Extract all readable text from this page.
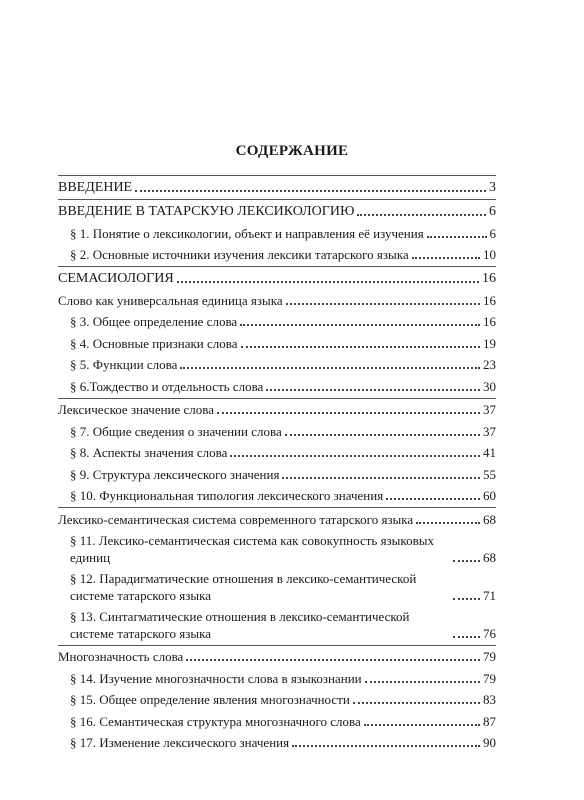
СОДЕРЖАНИЕ
ВВЕДЕНИЕ	3
ВВЕДЕНИЕ В ТАТАРСКУЮ ЛЕКСИКОЛОГИЮ	6
§ 1. Понятие о лексикологии, объект и направления её изучения	6
§ 2. Основные источники изучения лексики татарского языка	10
СЕМАСИОЛОГИЯ	16
Слово как универсальная единица языка	16
§ 3. Общее определение слова	16
§ 4. Основные признаки слова	19
§ 5. Функции слова	23
§ 6.Тождество и отдельность слова	30
Лексическое значение слова	37
§ 7. Общие сведения о значении слова	37
§ 8. Аспекты значения слова	41
§ 9. Структура лексического значения	55
§ 10. Функциональная типология лексического значения	60
Лексико-семантическая система современного татарского языка	68
§ 11. Лексико-семантическая система как совокупность языковых единиц	68
§ 12. Парадигматические отношения в лексико-семантической системе татарского языка	71
§ 13. Синтагматические отношения в лексико-семантической системе татарского языка	76
Многозначность слова	79
§ 14. Изучение многозначности слова в языкознании	79
§ 15. Общее определение явления многозначности	83
§ 16. Семантическая структура многозначного слова	87
§ 17. Изменение лексического значения	90
